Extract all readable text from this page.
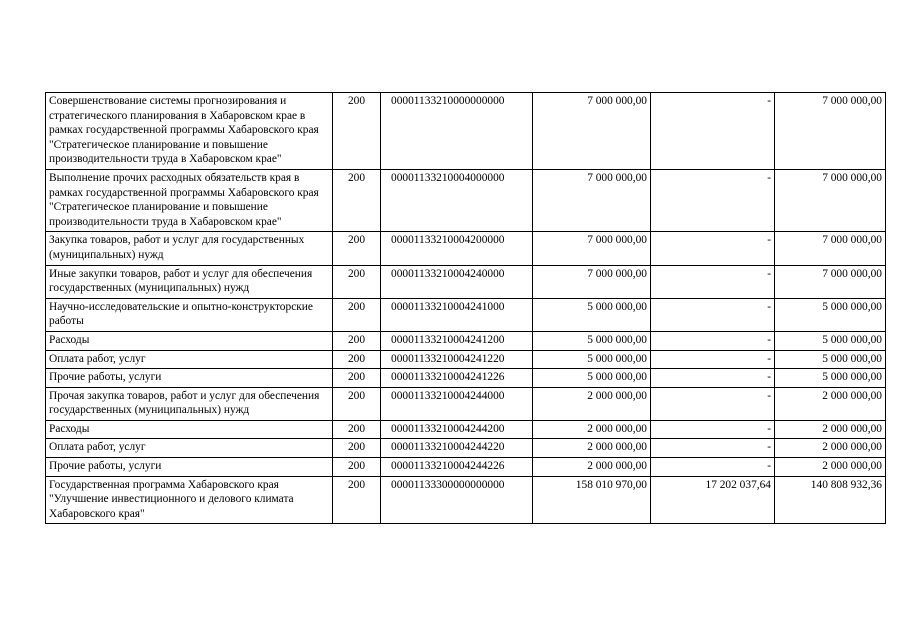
Совершенствование системы прогнозирования и стратегического планирования в Хабаровском крае в рамках государственной программы Хабаровского края "Стратегическое планирование и повышение производительности труда в Хабаровском крае"	200	00001133210000000000	7 000 000,00	-	7 000 000,00
Выполнение прочих расходных обязательств края в рамках государственной программы Хабаровского края "Стратегическое планирование и повышение производительности труда в Хабаровском крае"	200	00001133210004000000	7 000 000,00	-	7 000 000,00
Закупка товаров, работ и услуг для государственных (муниципальных) нужд	200	00001133210004200000	7 000 000,00	-	7 000 000,00
Иные закупки товаров, работ и услуг для обеспечения государственных (муниципальных) нужд	200	00001133210004240000	7 000 000,00	-	7 000 000,00
Научно-исследовательские и опытно-конструкторские работы	200	00001133210004241000	5 000 000,00	-	5 000 000,00
Расходы	200	00001133210004241200	5 000 000,00	-	5 000 000,00
Оплата работ, услуг	200	00001133210004241220	5 000 000,00	-	5 000 000,00
Прочие работы, услуги	200	00001133210004241226	5 000 000,00	-	5 000 000,00
Прочая закупка товаров, работ и услуг для обеспечения государственных (муниципальных) нужд	200	00001133210004244000	2 000 000,00	-	2 000 000,00
Расходы	200	00001133210004244200	2 000 000,00	-	2 000 000,00
Оплата работ, услуг	200	00001133210004244220	2 000 000,00	-	2 000 000,00
Прочие работы, услуги	200	00001133210004244226	2 000 000,00	-	2 000 000,00
Государственная программа Хабаровского края "Улучшение инвестиционного и делового климата Хабаровского края"	200	00001133300000000000	158 010 970,00	17 202 037,64	140 808 932,36
